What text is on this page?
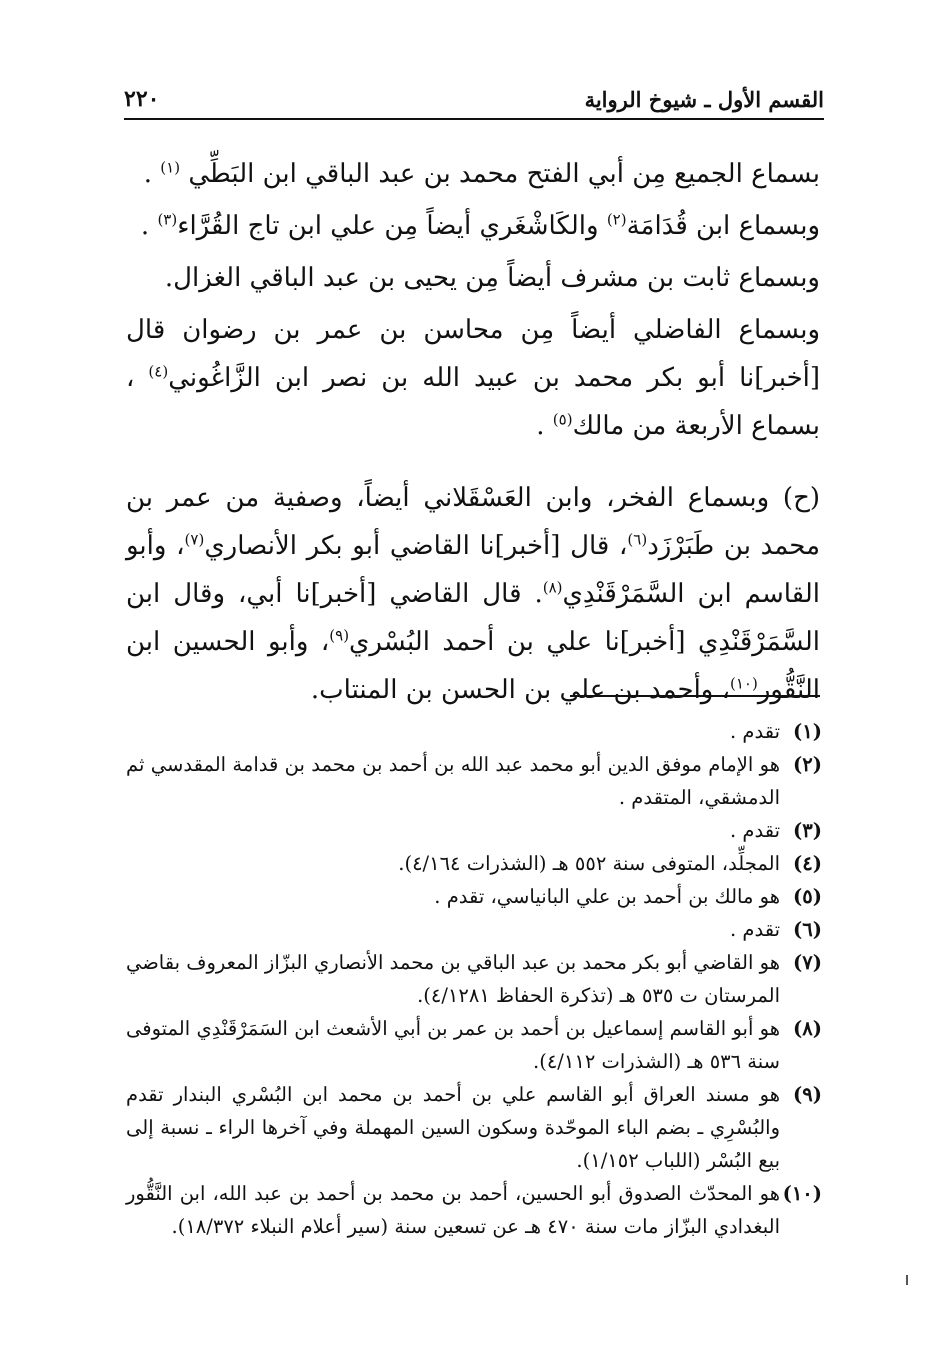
القسم الأول ـ شيوخ الرواية
٢٢٠

بسماع الجميع مِن أبي الفتح محمد بن عبد الباقي ابن البَطِّي $^{(١)}$ .

وبسماع ابن قُدَامَة$^{(٢)}$ والكَاشْغَري أيضاً مِن علي ابن تاج القُرَّاء$^{(٣)}$ .

وبسماع ثابت بن مشرف أيضاً مِن يحيى بن عبد الباقي الغزال.

وبسماع الفاضلي أيضاً مِن محاسن بن عمر بن رضوان قال [أخبر]نا أبو بكر محمد بن عبيد الله بن نصر ابن الزَّاغُوني$^{(٤)}$ ، بسماع الأربعة من مالك$^{(٥)}$ .

(ح) وبسماع الفخر، وابن العَسْقَلاني أيضاً، وصفية من عمر بن محمد بن طَبَرْزَد$^{(٦)}$، قال [أخبر]نا القاضي أبو بكر الأنصاري$^{(٧)}$، وأبو القاسم ابن السَّمَرْقَنْدِي$^{(٨)}$. قال القاضي [أخبر]نا أبي، وقال ابن السَّمَرْقَنْدِي [أخبر]نا علي بن أحمد البُسْري$^{(٩)}$، وأبو الحسين ابن النَّقُّور$^{(١٠)}$، وأحمد بن علي بن الحسن بن المنتاب.

(١)
تقدم .
(٢)
هو الإمام موفق الدين أبو محمد عبد الله بن أحمد بن محمد بن قدامة المقدسي ثم الدمشقي، المتقدم .
(٣)
تقدم .
(٤)
المجلِّد، المتوفى سنة ٥٥٢ هـ (الشذرات ٤/١٦٤).
(٥)
هو مالك بن أحمد بن علي البانياسي، تقدم .
(٦)
تقدم .
(٧)
هو القاضي أبو بكر محمد بن عبد الباقي بن محمد الأنصاري البزّاز المعروف بقاضي المرستان ت ٥٣٥ هـ (تذكرة الحفاظ ٤/١٢٨١).
(٨)
هو أبو القاسم إسماعيل بن أحمد بن عمر بن أبي الأشعث ابن السَمَرْقَنْدِي المتوفى سنة ٥٣٦ هـ (الشذرات ٤/١١٢).
(٩)
هو مسند العراق أبو القاسم علي بن أحمد بن محمد ابن البُسْري البندار تقدم والبُسْرِي ـ بضم الباء الموحّدة وسكون السين المهملة وفي آخرها الراء ـ نسبة إلى بيع البُسْر (اللباب ١/١٥٢).
(١٠)
هو المحدّث الصدوق أبو الحسين، أحمد بن محمد بن أحمد بن عبد الله، ابن النَّقُّور البغدادي البزّاز مات سنة ٤٧٠ هـ عن تسعين سنة (سير أعلام النبلاء ١٨/٣٧٢).
